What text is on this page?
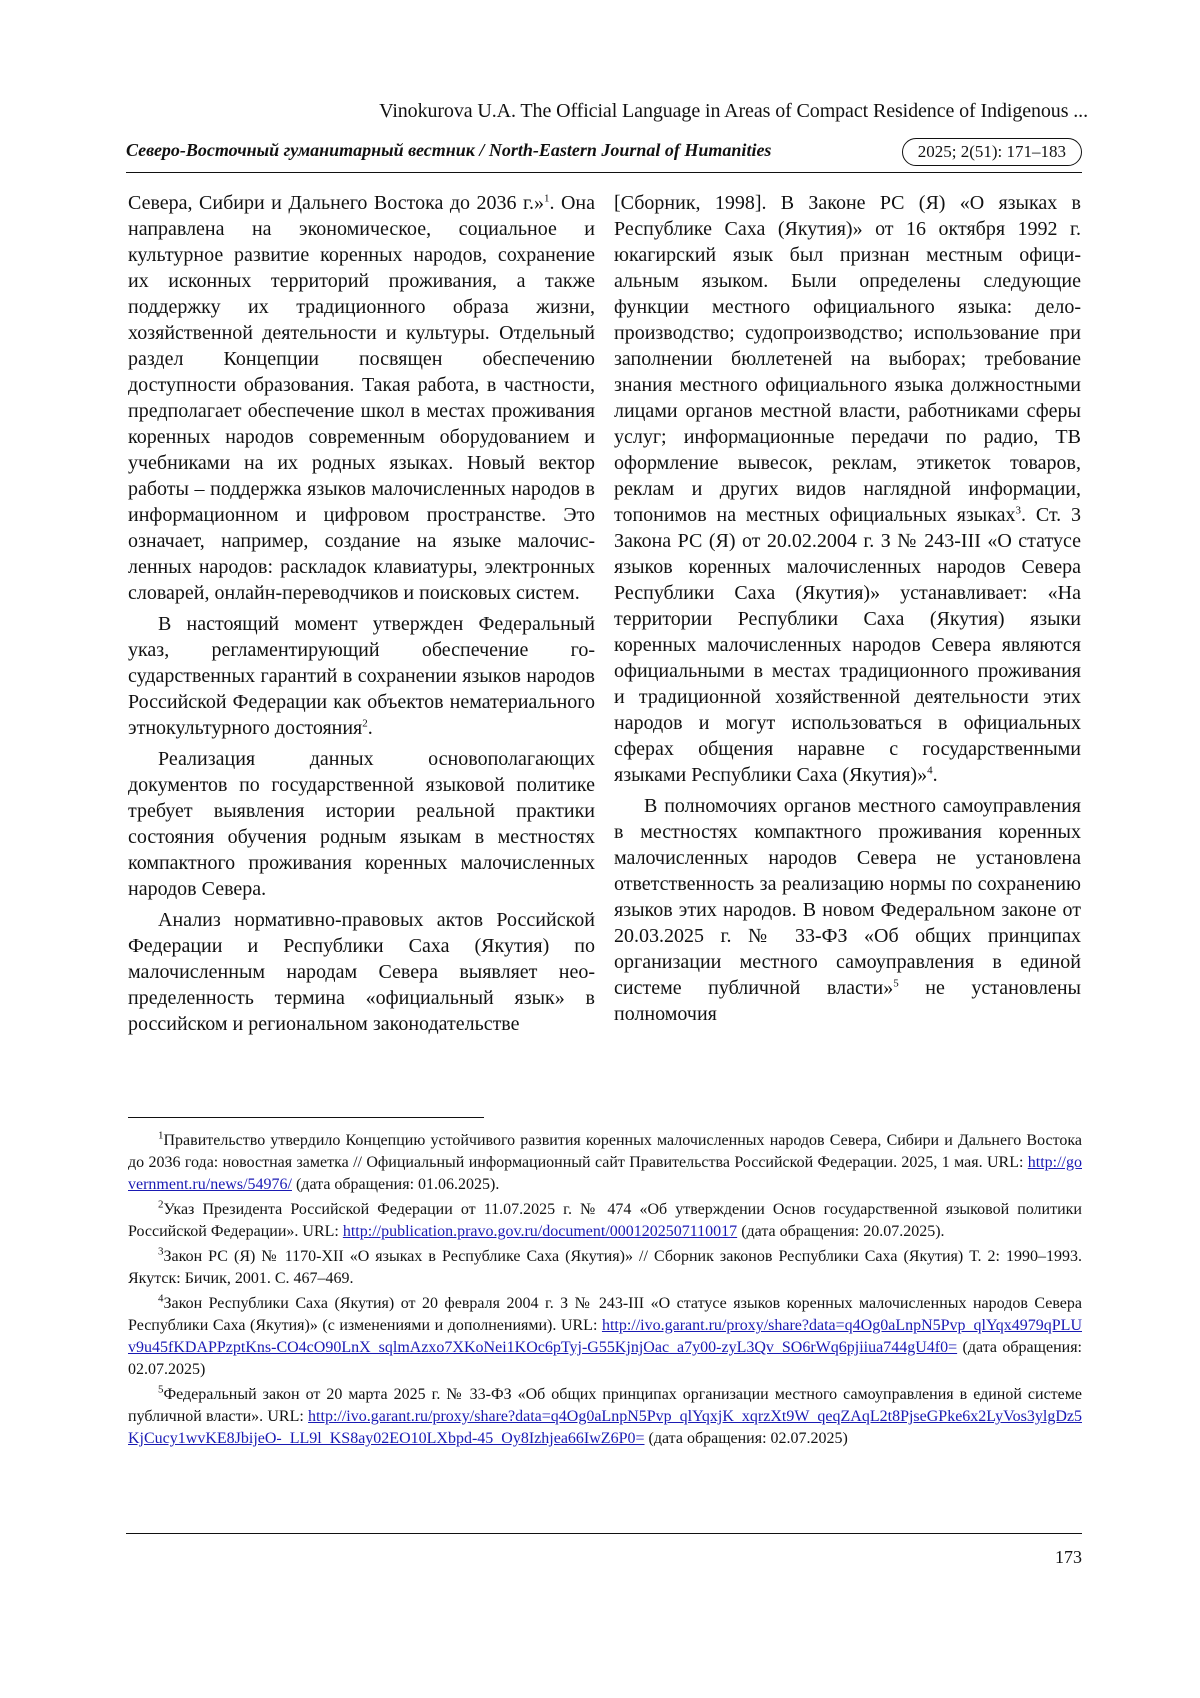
Vinokurova U.A. The Official Language in Areas of Compact Residence of Indigenous ...
Северо-Восточный гуманитарный вестник / North-Eastern Journal of Humanities	2025; 2(51): 171–183

Севера, Сибири и Дальнего Востока до 2036 г.»$^1$. Она направлена на экономическое, социальное и культурное развитие коренных народов, сохранение их исконных территорий проживания, а также поддержку их традиционного образа жизни, хозяйственной деятельности и культуры. Отдельный раздел Концепции посвящен обеспечению доступности образования. Такая работа, в частности, предполагает обеспечение школ в местах проживания коренных народов современным оборудованием и учебниками на их родных языках. Новый вектор работы – поддержка языков малочисленных народов в информационном и цифровом пространстве. Это означает, например, создание на языке малочисленных народов: раскладок клавиатуры, электронных словарей, онлайн-переводчиков и поисковых систем.

В настоящий момент утвержден Федеральный указ, регламентирующий обеспечение государственных гарантий в сохранении языков народов Российской Федерации как объектов нематериального этнокультурного достояния$^2$.

Реализация данных основополагающих документов по государственной языковой политике требует выявления истории реальной практики состояния обучения родным языкам в местностях компактного проживания коренных малочисленных народов Севера.

Анализ нормативно-правовых актов Российской Федерации и Республики Саха (Якутия) по малочисленным народам Севера выявляет неопределенность термина «официальный язык» в российском и региональном законодательстве

[Сборник, 1998]. В Законе РС (Я) «О языках в Республике Саха (Якутия)» от 16 октября 1992 г. юкагирский язык был признан местным официальным языком. Были определены следующие функции местного официального языка: делопроизводство; судопроизводство; использование при заполнении бюллетеней на выборах; требование знания местного официального языка должностными лицами органов местной власти, работниками сферы услуг; информационные передачи по радио, ТВ оформление вывесок, реклам, этикеток товаров, реклам и других видов наглядной информации, топонимов на местных официальных языках$^3$. Ст. 3 Закона РС (Я) от 20.02.2004 г. З № 243-III «О статусе языков коренных малочисленных народов Севера Республики Саха (Якутия)» устанавливает: «На территории Республики Саха (Якутия) языки коренных малочисленных народов Севера являются официальными в местах традиционного проживания и традиционной хозяйственной деятельности этих народов и могут использоваться в официальных сферах общения наравне с государственными языками Республики Саха (Якутия)»$^4$.

В полномочиях органов местного самоуправления в местностях компактного проживания коренных малочисленных народов Севера не установлена ответственность за реализацию нормы по сохранению языков этих народов. В новом Федеральном законе от 20.03.2025 г. № 33-ФЗ «Об общих принципах организации местного самоуправления в единой системе публичной власти»$^5$ не установлены полномочия

$^1$Правительство утвердило Концепцию устойчивого развития коренных малочисленных народов Севера, Сибири и Дальнего Востока до 2036 года: новостная заметка // Официальный информационный сайт Правительства Российской Федерации. 2025, 1 мая. URL: http://government.ru/news/54976/ (дата обращения: 01.06.2025).

$^2$Указ Президента Российской Федерации от 11.07.2025 г. № 474 «Об утверждении Основ государственной языковой политики Российской Федерации». URL: http://publication.pravo.gov.ru/document/0001202507110017 (дата обращения: 20.07.2025).

$^3$Закон РС (Я) № 1170-XII «О языках в Республике Саха (Якутия)» // Сборник законов Республики Саха (Якутия) Т. 2: 1990–1993. Якутск: Бичик, 2001. С. 467–469.

$^4$Закон Республики Саха (Якутия) от 20 февраля 2004 г. З № 243-III «О статусе языков коренных малочисленных народов Севера Республики Саха (Якутия)» (с изменениями и дополнениями). URL: http://ivo.garant.ru/proxy/share?data=q4Og0aLnpN5Pvp_qlYqx4979qPLUv9u45fKDAPPzptKns-CO4cO90LnX_sqlmAzxo7XKoNei1KOc6pTyj-G55KjnjOac_a7y00-zyL3Qv_SO6rWq6pjiiua744gU4f0= (дата обращения: 02.07.2025)

$^5$Федеральный закон от 20 марта 2025 г. № 33-ФЗ «Об общих принципах организации местного самоуправления в единой системе публичной власти». URL: http://ivo.garant.ru/proxy/share?data=q4Og0aLnpN5Pvp_qlYqxjK_xqrzXt9W_qeqZAqL2t8PjseGPke6x2LyVos3ylgDz5KjCucy1wvKE8JbijeO-_LL9l_KS8ay02EO10LXbpd-45_Oy8Izhjea66IwZ6P0= (дата обращения: 02.07.2025)

173
